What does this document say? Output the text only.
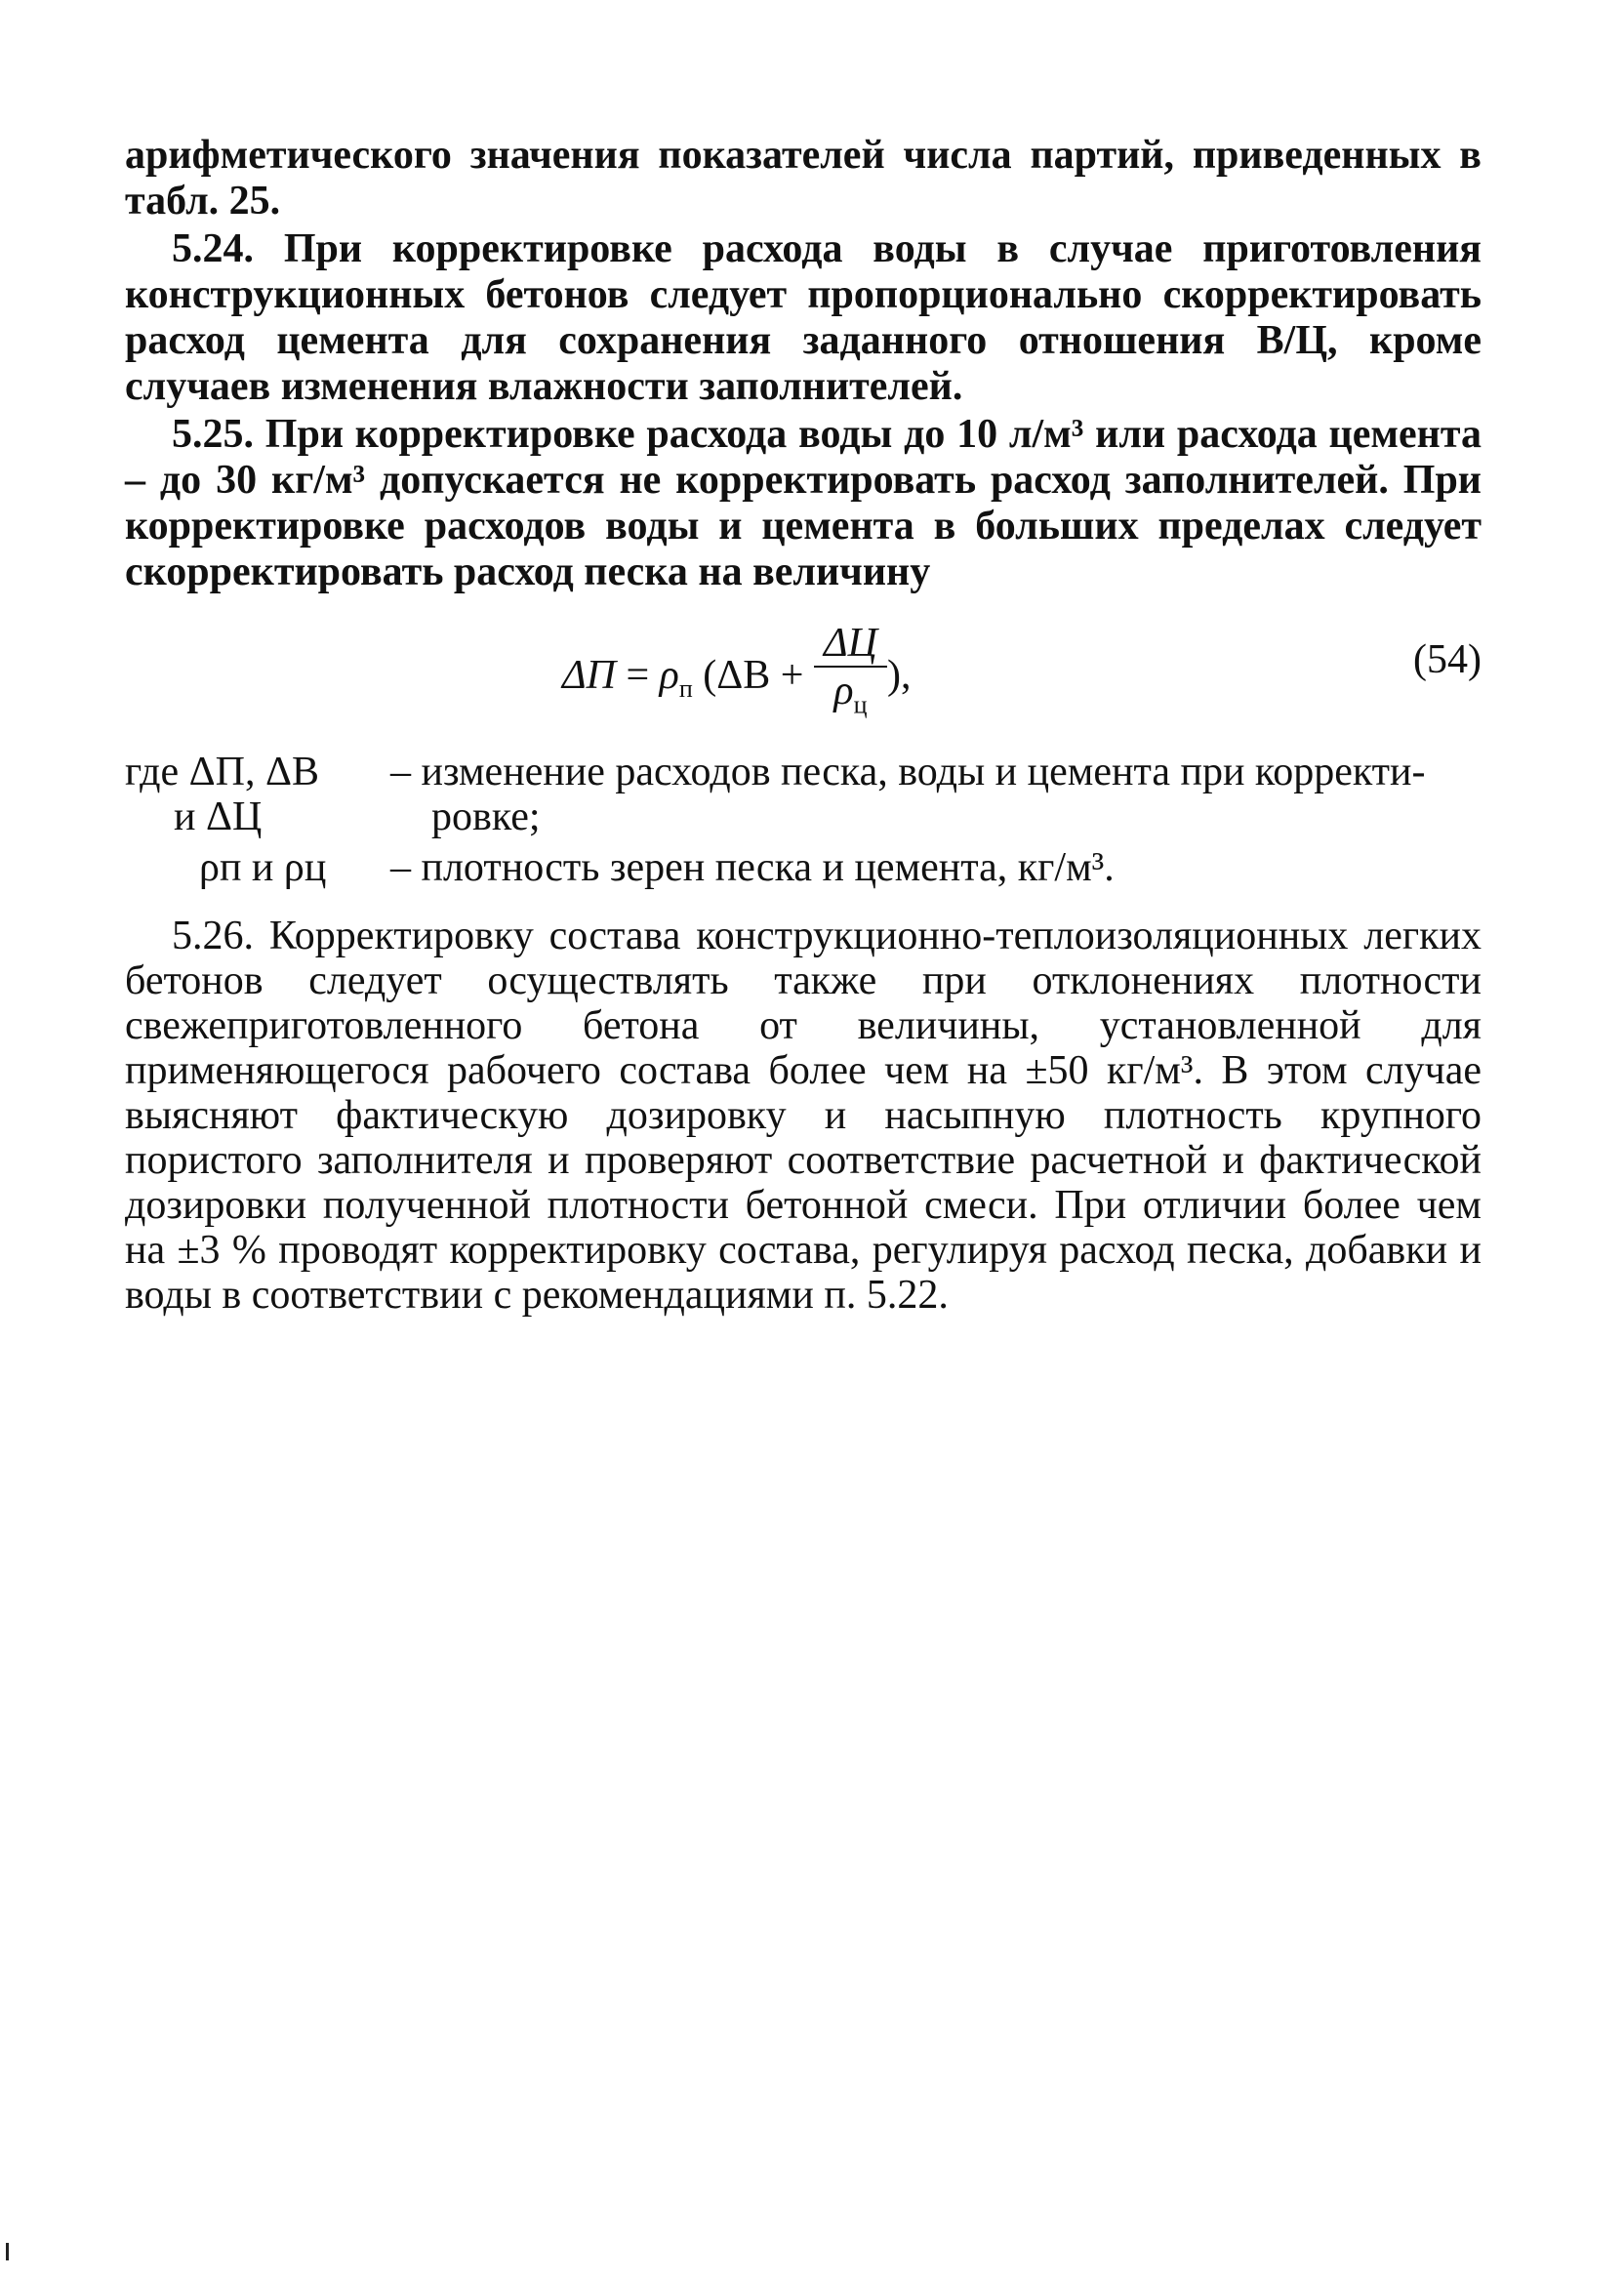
арифметического значения показателей числа партий, приведенных в табл. 25.

5.24. При корректировке расхода воды в случае приготовления конструкционных бетонов следует пропорционально скорректировать расход цемента для сохранения заданного отношения В/Ц, кроме случаев изменения влажности заполнителей.

5.25. При корректировке расхода воды до 10 л/м³ или расхода цемента – до 30 кг/м³ допускается не корректировать расход заполнителей. При корректировке расходов воды и цемента в больших пределах следует скорректировать расход песка на величину

$\Delta П = \rho_п$ ($\Delta В + \frac{\Delta Ц}{\rho_ц}$ ),	(54)
где ΔП, ΔВ
и ΔЦ
– изменение расходов песка, воды и цемента при корректи-
ровке;
ρп и ρц	– плотность зерен песка и цемента, кг/м³.

5.26. Корректировку состава конструкционно-теплоизоляционных легких бетонов следует осуществлять также при отклонениях плотности свежеприготовленного бетона от величины, установленной для применяющегося рабочего состава более чем на ±50 кг/м³. В этом случае выясняют фактическую дозировку и насыпную плотность крупного пористого заполнителя и проверяют соответствие расчетной и фактической дозировки полученной плотности бетонной смеси. При отличии более чем на ±3 % проводят корректировку состава, регулируя расход песка, добавки и воды в соответствии с рекомендациями п. 5.22.
